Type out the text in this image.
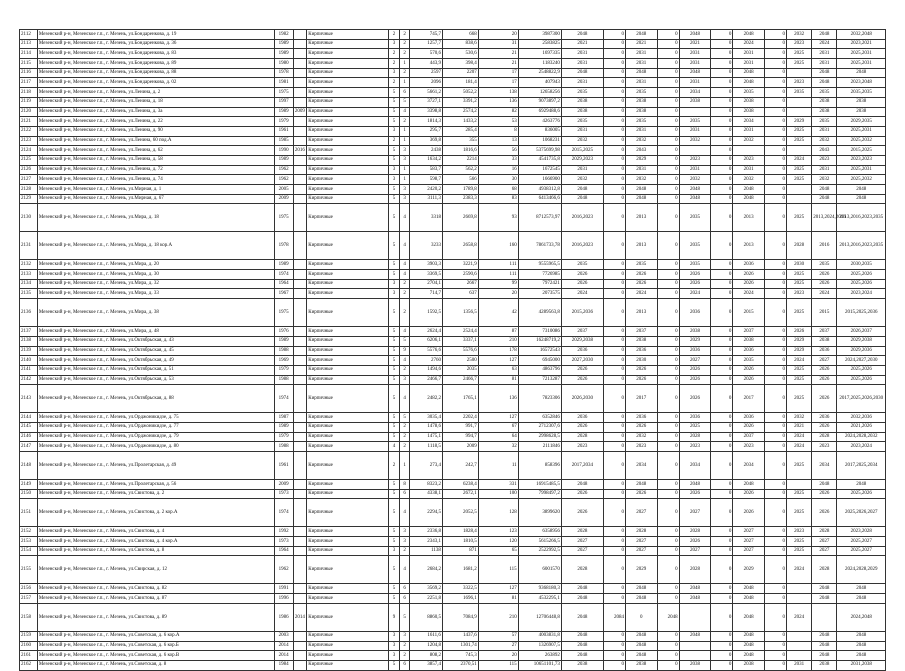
2112	Мезенский р-н, Мезенское г.п., г. Мезень, ул.Бондаренкова, д. 19	1982		Кирпичные	2	2	745,7	668	20	3987300	2048	0	2048	0	2048	0	2048	0	2032	2048	2032,2048
2113	Мезенский р-н, Мезенское г.п., г. Мезень, ул.Бондаренкова, д. 36	1989		Кирпичные	3	2	1257,7	838,6	31	2583825	2021	0	2021	0	2021	0	2024	0	2023	2024	2023,2021
2114	Мезенский р-н, Мезенское г.п., г. Мезень, ул.Бондаренкова, д. 83	1989		Кирпичные	2	2	570,6	530,6	21	1697335	2031	0	2031	0	2031	0	2031	0	2025	2031	2025,2031
2115	Мезенский р-н, Мезенское г.п., г. Мезень, ул.Бондаренкова, д. 89	1980		Кирпичные	2	1	443,9	398,4	21	1183240	2031	0	2031	0	2031	0	2031	0	2025	2031	2025,2031
2116	Мезенский р-н, Мезенское г.п., г. Мезень, ул.Бондаренкова, д. 88	1978		Кирпичные	3	2	2597	2207	17	2548822,9	2048	0	2048	0	2048	0	2048	0		2048	2048
2117	Мезенский р-н, Мезенское г.п., г. Мезень, ул.Бондаренкова, д. 02	1981		Кирпичные	2	1	2096	181,4	17	407943	2031	0	2031	0	2031	0	2048	0	2023	2048	2023,2048
2118	Мезенский р-н, Мезенское г.п., г. Мезень, ул.Ленина, д. 2	1975		Кирпичные	5	6	5661,2	5052,2	138	12658256	2035	0	2035	0	2034	0	2035	0	2035	2035	2035,2035
2119	Мезенский р-н, Мезенское г.п., г. Мезень, ул.Ленина, д. 18	1997		Кирпичные	5	5	3727,1	3391,2	136	9073897,2	2038	0	2038	0	2038	0	2038	0		2038	2038
2120	Мезенский р-н, Мезенское г.п., г. Мезень, ул.Ленина, д. 3а	1989	2009	Кирпичные	5	4	3398,8	2574,2	82	6929488,6	2038	0	2038	0		0	2038	0		2038	2038
2121	Мезенский р-н, Мезенское г.п., г. Мезень, ул.Ленина, д. 22	1979		Кирпичные	5	2	1814,3	1433,2	53	4263776	2035	0	2035	0	2035	0	2034	0	2029	2035	2029,2035
2122	Мезенский р-н, Мезенское г.п., г. Мезень, ул.Ленина, д. 90	1961		Кирпичные	3	1	295,7	285,4	8	836005	2031	0	2031	0	2031	0	2031	0	2025	2031	2025,2031
2123	Мезенский р-н, Мезенское г.п., г. Мезень, ул.Ленина, 60 под.А	1985		Кирпичные	2	1	369,8	355	13	1068231	2032	0	2032	0	2032	0	2032	0	2025	2032	2025,2032
2124	Мезенский р-н, Мезенское г.п., г. Мезень, ул.Ленина, д. 62	1990	2016	Кирпичные	5	3	2438	1816,6	56	5375699,98	2015,2025	0	2043	0		0		0		2043	2015,2025
2125	Мезенский р-н, Мезенское г.п., г. Мезень, ул.Ленина, д. 58	1989		Кирпичные	5	3	1634,2	2214	33	4541735,8	2029,2023	0	2029	0	2023	0	2023	0	2024	2023	2023,2023
2126	Мезенский р-н, Мезенское г.п., г. Мезень, ул.Ленина, д. 72	1962		Кирпичные	3	1	583,7	562,2	16	1672545	2031	0	2031	0	2031	0	2031	0	2025	2031	2025,2031
2127	Мезенский р-н, Мезенское г.п., г. Мезень, ул.Ленина, д. 74	1962		Кирпичные	3	1	598,7	566	30	1666900	2032	0	2032	0	2032	0	2032	0	2025	2032	2025,2032
2128	Мезенский р-н, Мезенское г.п., г. Мезень, ул.Мирная, д. 1	2005		Кирпичные	5	3	2420,2	1789,8	68	4938312,8	2048	0	2048	0	2048	0	2048	0		2048	2048
2129	Мезенский р-н, Мезенское г.п., г. Мезень, ул.Мирная, д. 67	2009		Кирпичные	5	3	3111,3	2383,3	83	6413466,6	2048	0	2048	0	2048	0	2048	0		2048	2048
2130	Мезенский р-н, Мезенское г.п., г. Мезень, ул.Мира, д. 18	1975		Кирпичные	5	4	3318	2669,8	93	8712573,97	2016,2023	0	2013	0	2035	0	2013	0	2025	2013,2024,2016	2013,2016,2023,2035
2131	Мезенский р-н, Мезенское г.п., г. Мезень, ул.Мира, д. 18 кор.А	1978		Кирпичные	5	4	3233	2658,8	160	7861733,78	2016,2023	0	2013	0	2035	0	2013	0	2028	2016	2013,2016,2023,2035
2132	Мезенский р-н, Мезенское г.п., г. Мезень, ул.Мира, д. 20	1989		Кирпичные	5	4	3903,3	3221,9	111	9555965,5	2035	0	2035	0	2035	0	2036	0	2030	2035	2030,2035
2133	Мезенский р-н, Мезенское г.п., г. Мезень, ул.Мира, д. 30	1974		Кирпичные	5	4	3369,5	2590,6	111	7726985	2026	0	2026	0	2026	0	2026	0	2025	2026	2025,2026
2134	Мезенский р-н, Мезенское г.п., г. Мезень, ул.Мира, д. 32	1964		Кирпичные	3	2	2704,1	2667	99	7972421	2026	0	2026	0	2026	0	2026	0	2025	2026	2025,2026
2135	Мезенский р-н, Мезенское г.п., г. Мезень, ул.Мира, д. 33	1967		Кирпичные	3	2	714,7	637	20	2073575	2024	0	2024	0	2024	0	2024	0	2023	2024	2023,2024
2136	Мезенский р-н, Мезенское г.п., г. Мезень, ул.Мира, д. 38	1975		Кирпичные	5	2	1592,5	1356,5	42	4289563,8	2015,2036	0	2013	0	2036	0	2015	0	2025	2015	2015,2025,2036
2137	Мезенский р-н, Мезенское г.п., г. Мезень, ул.Мира, д. 48	1976		Кирпичные	5	4	2624,4	2524,4	87	7310086	2037	0	2037	0	2038	0	2037	0	2026	2037	2026,2037
2138	Мезенский р-н, Мезенское г.п., г. Мезень, ул.Октябрьская, д. 43	1989		Кирпичные	5	5	6206,1	3337,1	210	16248719,2	2029,2038	0	2038	0	2029	0	2038	0	2029	2038	2029,2038
2139	Мезенский р-н, Мезенское г.п., г. Мезень, ул.Октябрьская, д. 45	1988		Кирпичные	5	9	5576,6	5576,6	178	16572543	2036	0	2036	0	2036	0	2036	0	2029	2036	2029,2036
2140	Мезенский р-н, Мезенское г.п., г. Мезень, ул.Октябрьская, д. 49	1969		Кирпичные	5	4	2760	2500	127	6945000	2027,2030	0	2030	0	2027	0	2035	0	2024	2027	2024,2027,2030
2141	Мезенский р-н, Мезенское г.п., г. Мезень, ул.Октябрьская, д. 51	1979		Кирпичные	5	2	1494,6	2035	63	4863796	2026	0	2026	0	2026	0	2026	0	2025	2026	2025,2026
2142	Мезенский р-н, Мезенское г.п., г. Мезень, ул.Октябрьская, д. 53	1988		Кирпичные	5	3	2466,7	2466,7	81	7213287	2026	0	2026	0	2026	0	2026	0	2025	2026	2025,2026
2143	Мезенский р-н, Мезенское г.п., г. Мезень, ул.Октябрьская, д. 88	1974		Кирпичные	5	4	2482,2	1765,1	136	7823306	2026,2030	0	2017	0	2026	0	2017	0	2025	2026	2017,2025,2026,2030
2144	Мезенский р-н, Мезенское г.п., г. Мезень, ул.Орджоникидзе, д. 75	1987		Кирпичные	5	5	3035,4	2202,4	127	6352846	2036	0	2036	0	2036	0	2036	0	2032	2036	2032,2036
2145	Мезенский р-н, Мезенское г.п., г. Мезень, ул.Орджоникидзе, д. 77	1989		Кирпичные	5	2	1478,6	991,7	67	2712307,6	2026	0	2026	0	2025	0	2026	0	2021	2026	2021,2026
2146	Мезенский р-н, Мезенское г.п., г. Мезень, ул.Орджоникидзе, д. 79	1979		Кирпичные	5	2	1475,1	994,7	64	2998628,5	2028	0	2032	0	2028	0	2037	0	2024	2028	2024,2028,2032
2147	Мезенский р-н, Мезенское г.п., г. Мезень, ул.Орджоникидзе, д. 80	1988		Кирпичные	4	2	1118,5	2009	32	2111846	2023	0	2023	0	2023	0	2023	0	2024	2023	2023,2024
2148	Мезенский р-н, Мезенское г.п., г. Мезень, ул.Пролетарская, д. 49	1961		Кирпичные	2	1	273,4	242,7	11	858396	2017,2034	0	2034	0	2034	0	2034	0	2025	2034	2017,2025,2034
2149	Мезенский р-н, Мезенское г.п., г. Мезень, ул.Пролетарская, д. 56	2009		Кирпичные	5	8	8323,2	6238,4	331	16915485,5	2048	0	2048	0	2048	0	2048	0		2048	2048
2150	Мезенский р-н, Мезенское г.п., г. Мезень, ул.Свистова, д. 2	1973		Кирпичные	5	6	4338,1	2672,1	100	7998497,2	2026	0	2026	0	2026	0	2026	0	2025	2026	2025,2026
2151	Мезенский р-н, Мезенское г.п., г. Мезень, ул.Свистова, д. 2 кор.А	1974		Кирпичные	5	4	2294,5	2052,5	128	3899620	2026	0	2027	0	2027	0	2026	0	2025	2026	2025,2026,2027
2152	Мезенский р-н, Мезенское г.п., г. Мезень, ул.Свистова, д. 4	1992		Кирпичные	5	3	2336,8	1828,4	123	6358956	2028	0	2028	0	2028	0	2027	0	2023	2028	2023,2028
2153	Мезенский р-н, Мезенское г.п., г. Мезень, ул.Свистова, д. 4 кор.А	1973		Кирпичные	5	3	2343,1	1810,5	120	5615266,5	2027	0	2027	0	2026	0	2027	0	2025	2027	2025,2027
2154	Мезенский р-н, Мезенское г.п., г. Мезень, ул.Свистова, д. 8	1964		Кирпичные	3	2	1138	871	65	2522992,5	2027	0	2027	0	2027	0	2027	0	2025	2027	2025,2027
2155	Мезенский р-н, Мезенское г.п., г. Мезень, ул.Свирская, д. 12	1962		Кирпичные	5	4	2684,2	1681,2	115	6001570	2028	0	2029	0	2028	0	2029	0	2024	2028	2024,2028,2029
2156	Мезенский р-н, Мезенское г.п., г. Мезень, ул.Свистова, д. 82	1991		Кирпичные	5	6	3569,2	3322,5	127	9368180,3	2048	0	2048	0	2048	0	2048	0		2048	2048
2157	Мезенский р-н, Мезенское г.п., г. Мезень, ул.Свистова, д. 87	1996		Кирпичные	5	6	2251,8	1696,1	81	4532295,1	2048	0	2048	0	2048	0	2048	0		2048	2048
2158	Мезенский р-н, Мезенское г.п., г. Мезень, ул.Свистова, д. 89	1986	2014	Кирпичные	9	5	8860,5	7084,9	210	12706448,8	2048	2084	0	2048		0	2048	0	2024		2024,2048
2159	Мезенский р-н, Мезенское г.п., г. Мезень, ул.Советская, д. 6 кор.А	2003		Кирпичные	3	3	1611,6	1437,6	57	4003831,8	2048	0	2048	0	2048	0	2048	0		2048	2048
2160	Мезенский р-н, Мезенское г.п., г. Мезень, ул.Советская, д. 6 кор.Б	2014		Кирпичные	3	2	1204,8	1301,74	27	1326907,5	2048	0	2048	0		0	2048	0		2048	2048
2161	Мезенский р-н, Мезенское г.п., г. Мезень, ул.Советская, д. 6 кор.В	2014		Кирпичные	3	2	808,2	745,3	20	263892	2048	0	2048	0		0	2048	0		2048	2048
2162	Мезенский р-н, Мезенское г.п., г. Мезень, ул.Советская, д. 8	1984		Кирпичные	5	6	3857,4	2370,51	115	10651101,73	2038	0	2038	0	2038	0	2038	0	2031	2038	2031,2038
